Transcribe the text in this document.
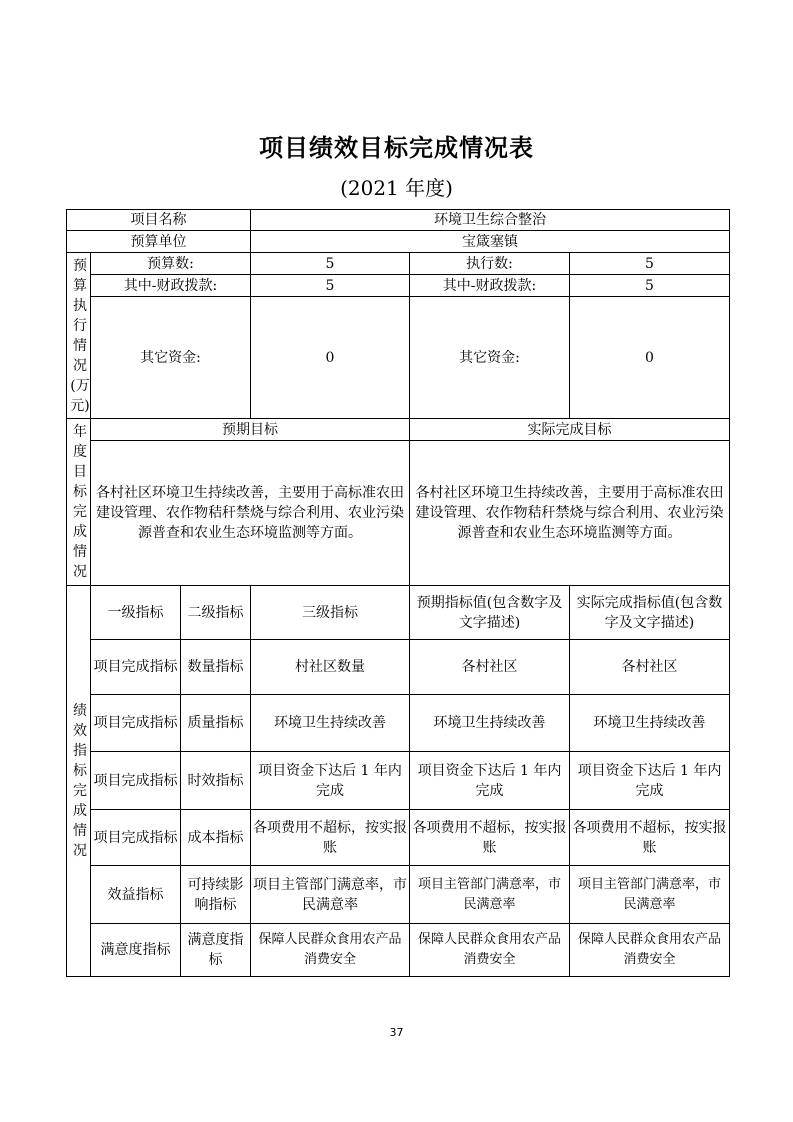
项目绩效目标完成情况表
(2021 年度)
项目名称			环境卫生综合整治		
预算单位			宝箴塞镇		

预算执行情况(万元)	预算数:		5	执行数:	5
	其中-财政拨款:		5	其中-财政拨款:	5
	其它资金:		0	其它资金:	0

年度目标完成情况	预期目标			实际完成目标	
	各村社区环境卫生持续改善，主要用于高标准农田建设管理、农作物秸秆禁烧与综合利用、农业污染源普查和农业生态环境监测等方面。			各村社区环境卫生持续改善，主要用于高标准农田建设管理、农作物秸秆禁烧与综合利用、农业污染源普查和农业生态环境监测等方面。	

绩效指标完成情况	一级指标	二级指标	三级指标	预期指标值(包含数字及文字描述)	实际完成指标值(包含数字及文字描述)
	项目完成指标	数量指标	村社区数量	各村社区	各村社区
	项目完成指标	质量指标	环境卫生持续改善	环境卫生持续改善	环境卫生持续改善
	项目完成指标	时效指标	项目资金下达后 1 年内完成	项目资金下达后 1 年内完成	项目资金下达后 1 年内完成
	项目完成指标	成本指标	各项费用不超标，按实报账	各项费用不超标，按实报账	各项费用不超标，按实报账
	效益指标	可持续影响指标	项目主管部门满意率，市民满意率	项目主管部门满意率，市民满意率	项目主管部门满意率，市民满意率
	满意度指标	满意度指标	保障人民群众食用农产品消费安全	保障人民群众食用农产品消费安全	保障人民群众食用农产品消费安全
37
